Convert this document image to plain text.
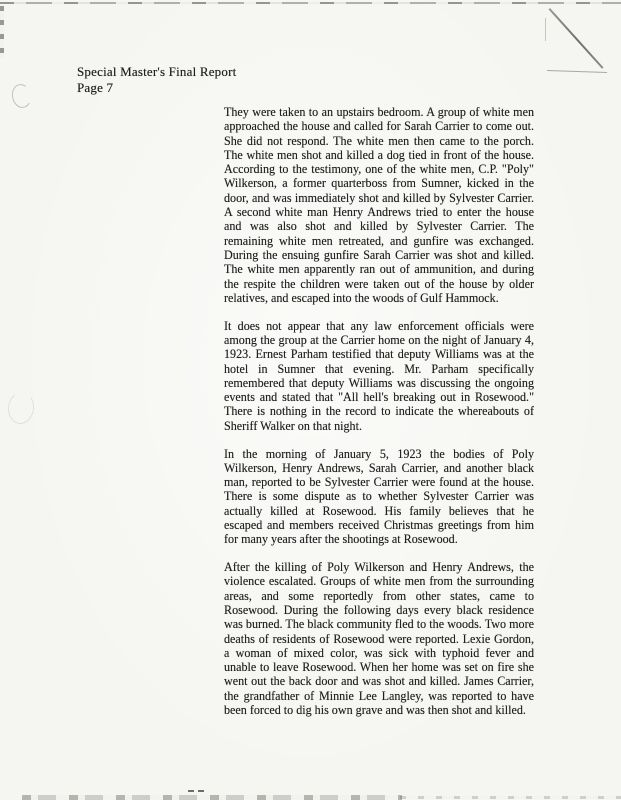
Special Master's Final Report
Page 7

They were taken to an upstairs bedroom. A group of white men approached the house and called for Sarah Carrier to come out. She did not respond. The white men then came to the porch. The white men shot and killed a dog tied in front of the house. According to the testimony, one of the white men, C.P. "Poly" Wilkerson, a former quarterboss from Sumner, kicked in the door, and was immediately shot and killed by Sylvester Carrier. A second white man Henry Andrews tried to enter the house and was also shot and killed by Sylvester Carrier. The remaining white men retreated, and gunfire was exchanged. During the ensuing gunfire Sarah Carrier was shot and killed. The white men apparently ran out of ammunition, and during the respite the children were taken out of the house by older relatives, and escaped into the woods of Gulf Hammock.

It does not appear that any law enforcement officials were among the group at the Carrier home on the night of January 4, 1923. Ernest Parham testified that deputy Williams was at the hotel in Sumner that evening. Mr. Parham specifically remembered that deputy Williams was discussing the ongoing events and stated that "All hell's breaking out in Rosewood." There is nothing in the record to indicate the whereabouts of Sheriff Walker on that night.

In the morning of January 5, 1923 the bodies of Poly Wilkerson, Henry Andrews, Sarah Carrier, and another black man, reported to be Sylvester Carrier were found at the house. There is some dispute as to whether Sylvester Carrier was actually killed at Rosewood. His family believes that he escaped and members received Christmas greetings from him for many years after the shootings at Rosewood.

After the killing of Poly Wilkerson and Henry Andrews, the violence escalated. Groups of white men from the surrounding areas, and some reportedly from other states, came to Rosewood. During the following days every black residence was burned. The black community fled to the woods. Two more deaths of residents of Rosewood were reported. Lexie Gordon, a woman of mixed color, was sick with typhoid fever and unable to leave Rosewood. When her home was set on fire she went out the back door and was shot and killed. James Carrier, the grandfather of Minnie Lee Langley, was reported to have been forced to dig his own grave and was then shot and killed.
